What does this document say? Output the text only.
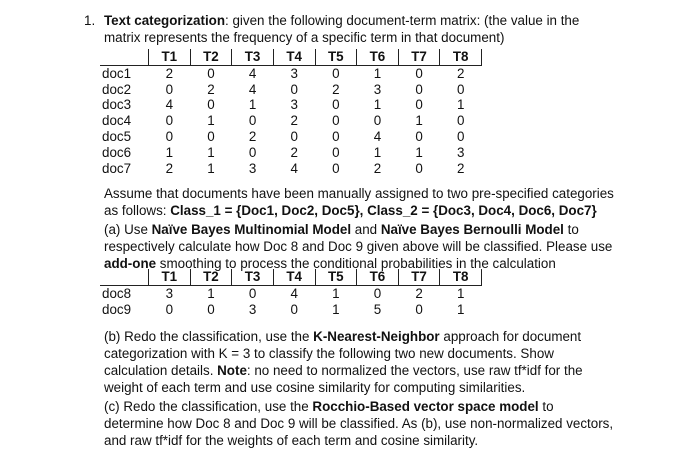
1. Text categorization: given the following document-term matrix: (the value in the
matrix represents the frequency of a specific term in that document)
	T1	T2	T3	T4	T5	T6	T7	T8
doc1	2	0	4	3	0	1	0	2
doc2	0	2	4	0	2	3	0	0
doc3	4	0	1	3	0	1	0	1
doc4	0	1	0	2	0	0	1	0
doc5	0	0	2	0	0	4	0	0
doc6	1	1	0	2	0	1	1	3
doc7	2	1	3	4	0	2	0	2
Assume that documents have been manually assigned to two pre-specified categories
as follows: Class_1 = {Doc1, Doc2, Doc5}, Class_2 = {Doc3, Doc4, Doc6, Doc7}
(a) Use Naïve Bayes Multinomial Model and Naïve Bayes Bernoulli Model to
respectively calculate how Doc 8 and Doc 9 given above will be classified. Please use
add-one smoothing to process the conditional probabilities in the calculation
	T1	T2	T3	T4	T5	T6	T7	T8
doc8	3	1	0	4	1	0	2	1
doc9	0	0	3	0	1	5	0	1
(b) Redo the classification, use the K-Nearest-Neighbor approach for document
categorization with K = 3 to classify the following two new documents. Show
calculation details. Note: no need to normalized the vectors, use raw tf*idf for the
weight of each term and use cosine similarity for computing similarities.
(c) Redo the classification, use the Rocchio-Based vector space model to
determine how Doc 8 and Doc 9 will be classified. As (b), use non-normalized vectors,
and raw tf*idf for the weights of each term and cosine similarity.
